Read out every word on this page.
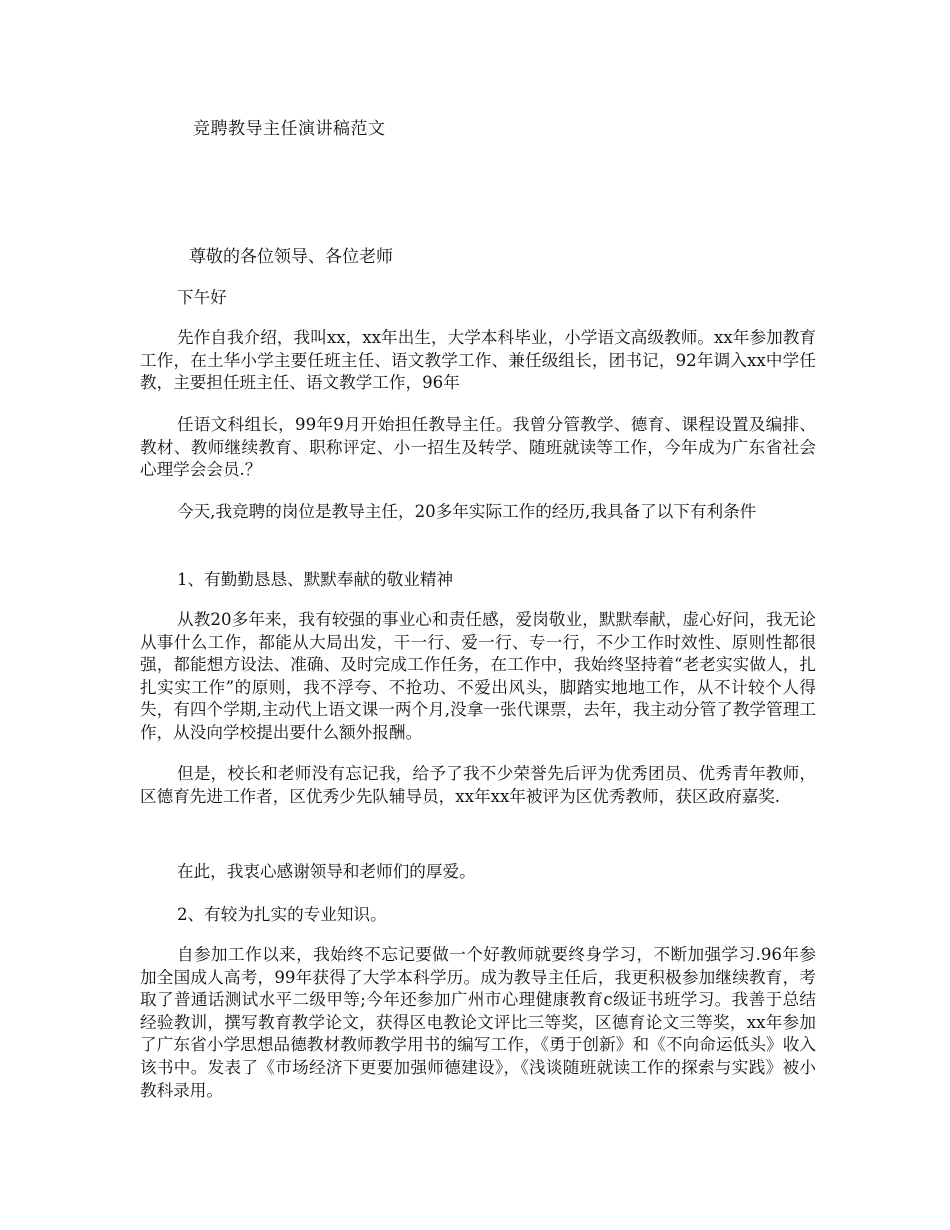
竞聘教导主任演讲稿范文
尊敬的各位领导、各位老师
下午好
先作自我介绍，我叫xx，xx年出生，大学本科毕业，小学语文高级教师。xx年参加教育工作，在土华小学主要任班主任、语文教学工作、兼任级组长，团书记，92年调入xx中学任教，主要担任班主任、语文教学工作，96年
任语文科组长，99年9月开始担任教导主任。我曾分管教学、德育、课程设置及编排、教材、教师继续教育、职称评定、小一招生及转学、随班就读等工作，今年成为广东省社会心理学会会员.？
今天,我竞聘的岗位是教导主任，20多年实际工作的经历,我具备了以下有利条件
1、有勤勤恳恳、默默奉献的敬业精神
从教20多年来，我有较强的事业心和责任感，爱岗敬业，默默奉献，虚心好问，我无论从事什么工作，都能从大局出发，干一行、爱一行、专一行，不少工作时效性、原则性都很强，都能想方设法、准确、及时完成工作任务，在工作中，我始终坚持着“老老实实做人，扎扎实实工作”的原则，我不浮夸、不抢功、不爱出风头，脚踏实地地工作，从不计较个人得失，有四个学期,主动代上语文课一两个月,没拿一张代课票，去年，我主动分管了教学管理工作，从没向学校提出要什么额外报酬。
但是，校长和老师没有忘记我，给予了我不少荣誉先后评为优秀团员、优秀青年教师，区德育先进工作者，区优秀少先队辅导员，xx年xx年被评为区优秀教师，获区政府嘉奖.
在此，我衷心感谢领导和老师们的厚爱。
2、有较为扎实的专业知识。
自参加工作以来，我始终不忘记要做一个好教师就要终身学习，不断加强学习.96年参加全国成人高考，99年获得了大学本科学历。成为教导主任后，我更积极参加继续教育，考取了普通话测试水平二级甲等;今年还参加广州市心理健康教育c级证书班学习。我善于总结经验教训，撰写教育教学论文，获得区电教论文评比三等奖，区德育论文三等奖，xx年参加了广东省小学思想品德教材教师教学用书的编写工作，《勇于创新》和《不向命运低头》收入该书中。发表了《市场经济下更要加强师德建设》，《浅谈随班就读工作的探索与实践》被小教科录用。
